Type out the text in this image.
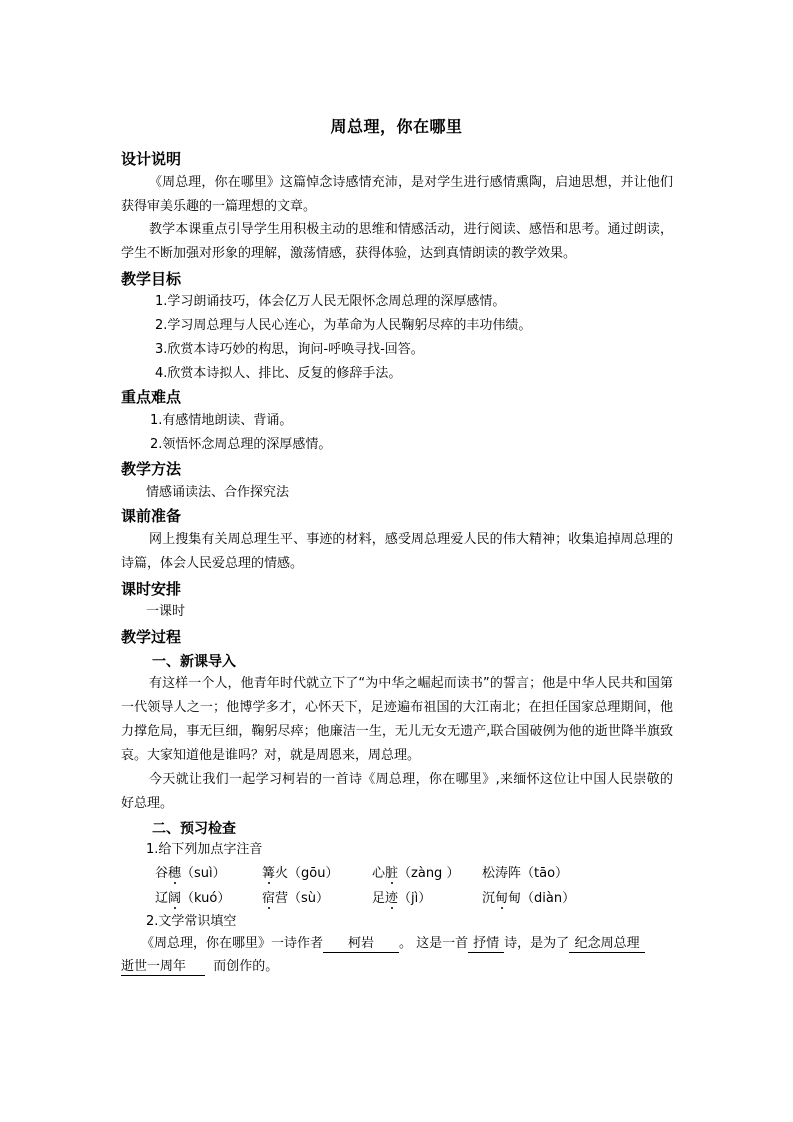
周总理，你在哪里
设计说明
《周总理，你在哪里》这篇悼念诗感情充沛，是对学生进行感情熏陶，启迪思想，并让他们获得审美乐趣的一篇理想的文章。
教学本课重点引导学生用积极主动的思维和情感活动，进行阅读、感悟和思考。通过朗读，学生不断加强对形象的理解，激荡情感，获得体验，达到真情朗读的教学效果。
教学目标
1.学习朗诵技巧，体会亿万人民无限怀念周总理的深厚感情。
2.学习周总理与人民心连心，为革命为人民鞠躬尽瘁的丰功伟绩。
3.欣赏本诗巧妙的构思，询问-呼唤寻找-回答。
4.欣赏本诗拟人、排比、反复的修辞手法。
重点难点
1.有感情地朗读、背诵。
2.领悟怀念周总理的深厚感情。
教学方法
情感诵读法、合作探究法
课前准备
网上搜集有关周总理生平、事迹的材料，感受周总理爱人民的伟大精神；收集追掉周总理的诗篇，体会人民爱总理的情感。
课时安排
一课时
教学过程
一、新课导入
有这样一个人，他青年时代就立下了“为中华之崛起而读书”的誓言；他是中华人民共和国第一代领导人之一；他博学多才，心怀天下，足迹遍布祖国的大江南北；在担任国家总理期间，他力撑危局，事无巨细，鞠躬尽瘁；他廉洁一生，无儿无女无遗产,联合国破例为他的逝世降半旗致哀。大家知道他是谁吗？对，就是周恩来，周总理。
今天就让我们一起学习柯岩的一首诗《周总理，你在哪里》,来缅怀这位让中国人民崇敬的好总理。
二、预习检查
1.给下列加点字注音
谷穗（suì）	篝火（gōu）	心脏（zàng ） 松涛阵（tāo）
辽阔（kuó） 宿营（sù）	足迹（jì）	沉甸甸（diàn）
2.文学常识填空
《周总理，你在哪里》一诗作者 柯岩 。 这是一首 抒情 诗，是为了 纪念周总理
逝世一周年 而创作的。
